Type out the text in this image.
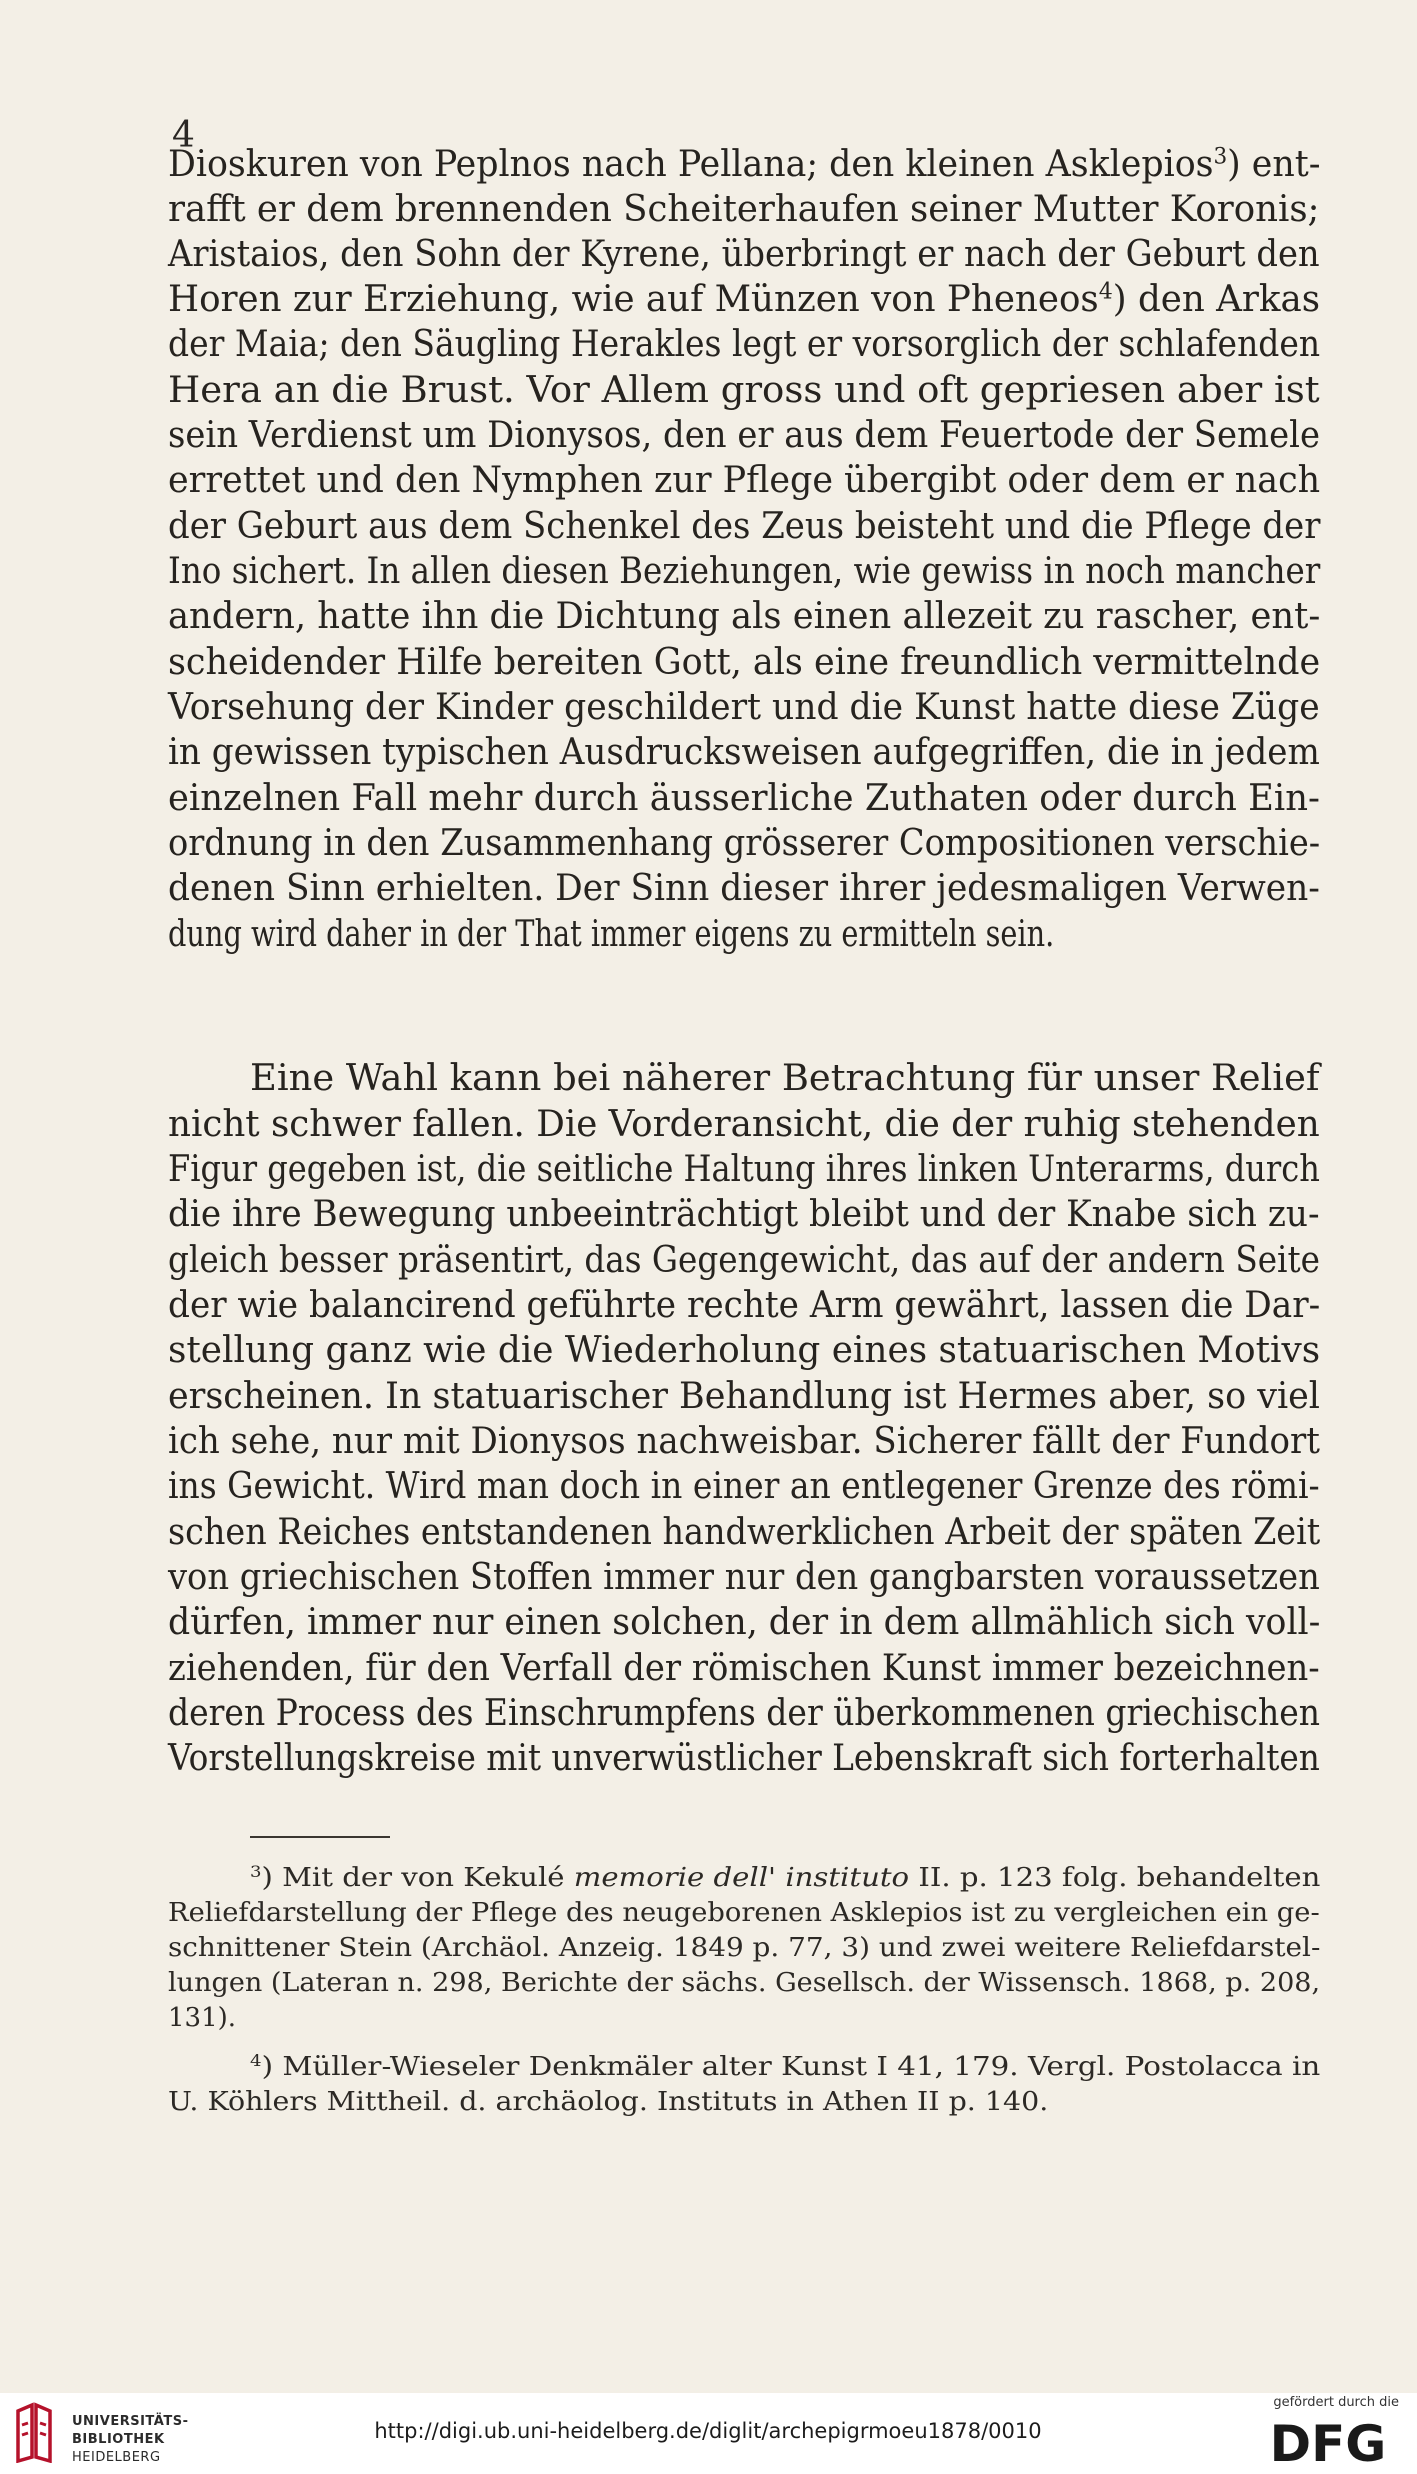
4

Dioskuren von Peplnos nach Pellana; den kleinen Asklepios$^3$) ent-

rafft er dem brennenden Scheiterhaufen seiner Mutter Koronis;

Aristaios, den Sohn der Kyrene, überbringt er nach der Geburt den

Horen zur Erziehung, wie auf Münzen von Pheneos$^4$) den Arkas

der Maia; den Säugling Herakles legt er vorsorglich der schlafenden

Hera an die Brust. Vor Allem gross und oft gepriesen aber ist

sein Verdienst um Dionysos, den er aus dem Feuertode der Semele

errettet und den Nymphen zur Pflege übergibt oder dem er nach

der Geburt aus dem Schenkel des Zeus beisteht und die Pflege der

Ino sichert. In allen diesen Beziehungen, wie gewiss in noch mancher

andern, hatte ihn die Dichtung als einen allezeit zu rascher, ent-

scheidender Hilfe bereiten Gott, als eine freundlich vermittelnde

Vorsehung der Kinder geschildert und die Kunst hatte diese Züge

in gewissen typischen Ausdrucksweisen aufgegriffen, die in jedem

einzelnen Fall mehr durch äusserliche Zuthaten oder durch Ein-

ordnung in den Zusammenhang grösserer Compositionen verschie-

denen Sinn erhielten. Der Sinn dieser ihrer jedesmaligen Verwen-

dung wird daher in der That immer eigens zu ermitteln sein.

Eine Wahl kann bei näherer Betrachtung für unser Relief

nicht schwer fallen. Die Vorderansicht, die der ruhig stehenden

Figur gegeben ist, die seitliche Haltung ihres linken Unterarms, durch

die ihre Bewegung unbeeinträchtigt bleibt und der Knabe sich zu-

gleich besser präsentirt, das Gegengewicht, das auf der andern Seite

der wie balancirend geführte rechte Arm gewährt, lassen die Dar-

stellung ganz wie die Wiederholung eines statuarischen Motivs

erscheinen. In statuarischer Behandlung ist Hermes aber, so viel

ich sehe, nur mit Dionysos nachweisbar. Sicherer fällt der Fundort

ins Gewicht. Wird man doch in einer an entlegener Grenze des römi-

schen Reiches entstandenen handwerklichen Arbeit der späten Zeit

von griechischen Stoffen immer nur den gangbarsten voraussetzen

dürfen, immer nur einen solchen, der in dem allmählich sich voll-

ziehenden, für den Verfall der römischen Kunst immer bezeichnen-

deren Process des Einschrumpfens der überkommenen griechischen

Vorstellungskreise mit unverwüstlicher Lebenskraft sich forterhalten

$^3$) Mit der von Kekulé memorie dell' instituto II. p. 123 folg. behandelten

Reliefdarstellung der Pflege des neugeborenen Asklepios ist zu vergleichen ein ge-

schnittener Stein (Archäol. Anzeig. 1849 p. 77, 3) und zwei weitere Reliefdarstel-

lungen (Lateran n. 298, Berichte der sächs. Gesellsch. der Wissensch. 1868, p. 208,

131).

$^4$) Müller-Wieseler Denkmäler alter Kunst I 41, 179. Vergl. Postolacca in

U. Köhlers Mittheil. d. archäolog. Instituts in Athen II p. 140.

UNIVERSITÄTS-

BIBLIOTHEK

HEIDELBERG

http://digi.ub.uni-heidelberg.de/diglit/archepigrmoeu1878/0010

gefördert durch die

DFG
